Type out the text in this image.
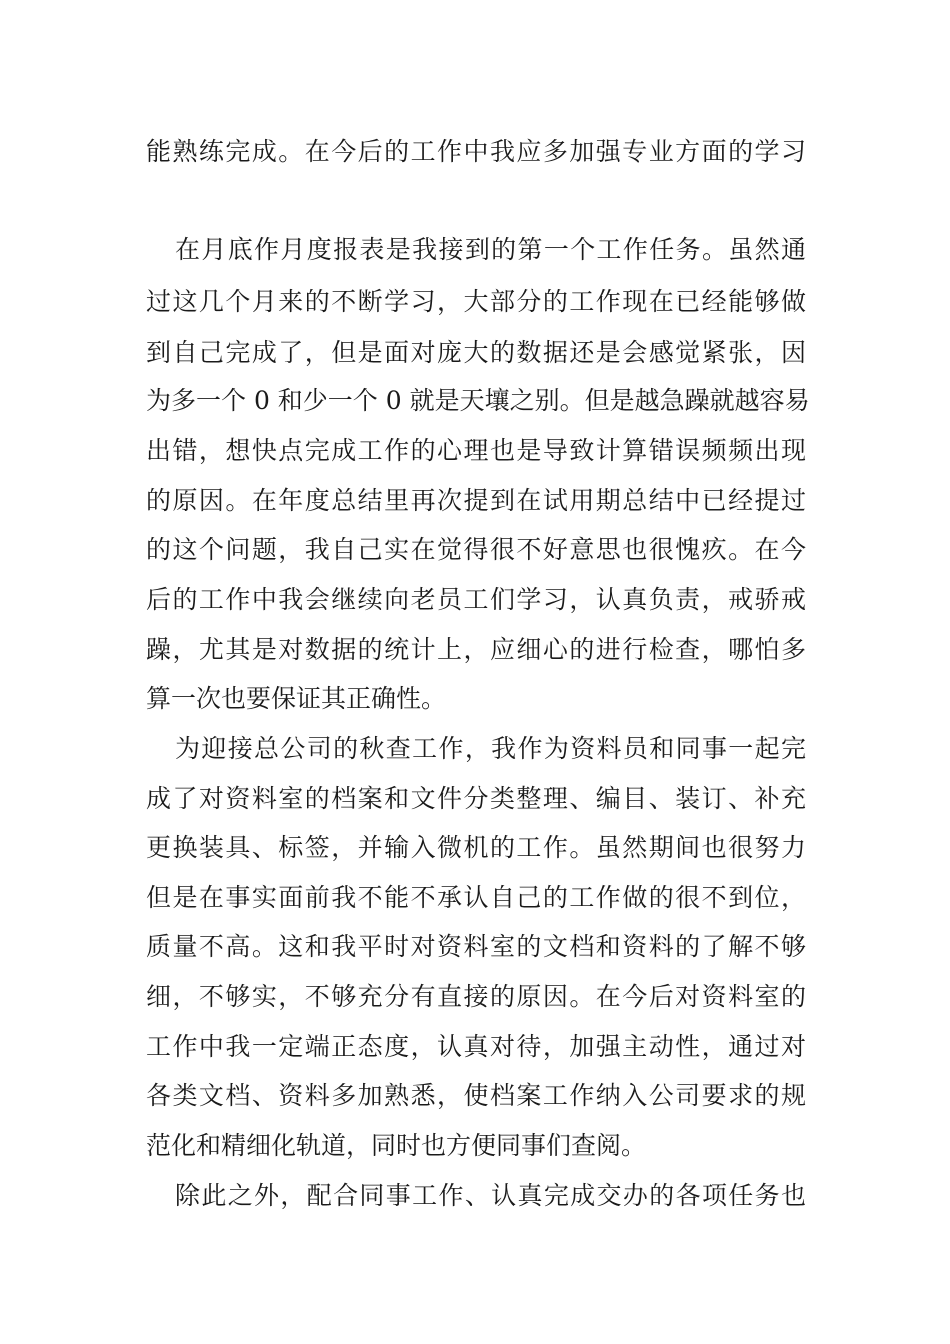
能熟练完成。在今后的工作中我应多加强专业方面的学习
在月底作月度报表是我接到的第一个工作任务。虽然通
过这几个月来的不断学习，大部分的工作现在已经能够做
到自己完成了，但是面对庞大的数据还是会感觉紧张，因
为多一个 0 和少一个 0 就是天壤之别。但是越急躁就越容易
出错，想快点完成工作的心理也是导致计算错误频频出现
的原因。在年度总结里再次提到在试用期总结中已经提过
的这个问题，我自己实在觉得很不好意思也很愧疚。在今
后的工作中我会继续向老员工们学习，认真负责，戒骄戒
躁，尤其是对数据的统计上，应细心的进行检查，哪怕多
算一次也要保证其正确性。
为迎接总公司的秋查工作，我作为资料员和同事一起完
成了对资料室的档案和文件分类整理、编目、装订、补充
更换装具、标签，并输入微机的工作。虽然期间也很努力
但是在事实面前我不能不承认自己的工作做的很不到位，
质量不高。这和我平时对资料室的文档和资料的了解不够
细，不够实，不够充分有直接的原因。在今后对资料室的
工作中我一定端正态度，认真对待，加强主动性，通过对
各类文档、资料多加熟悉，使档案工作纳入公司要求的规
范化和精细化轨道，同时也方便同事们查阅。
除此之外，配合同事工作、认真完成交办的各项任务也
